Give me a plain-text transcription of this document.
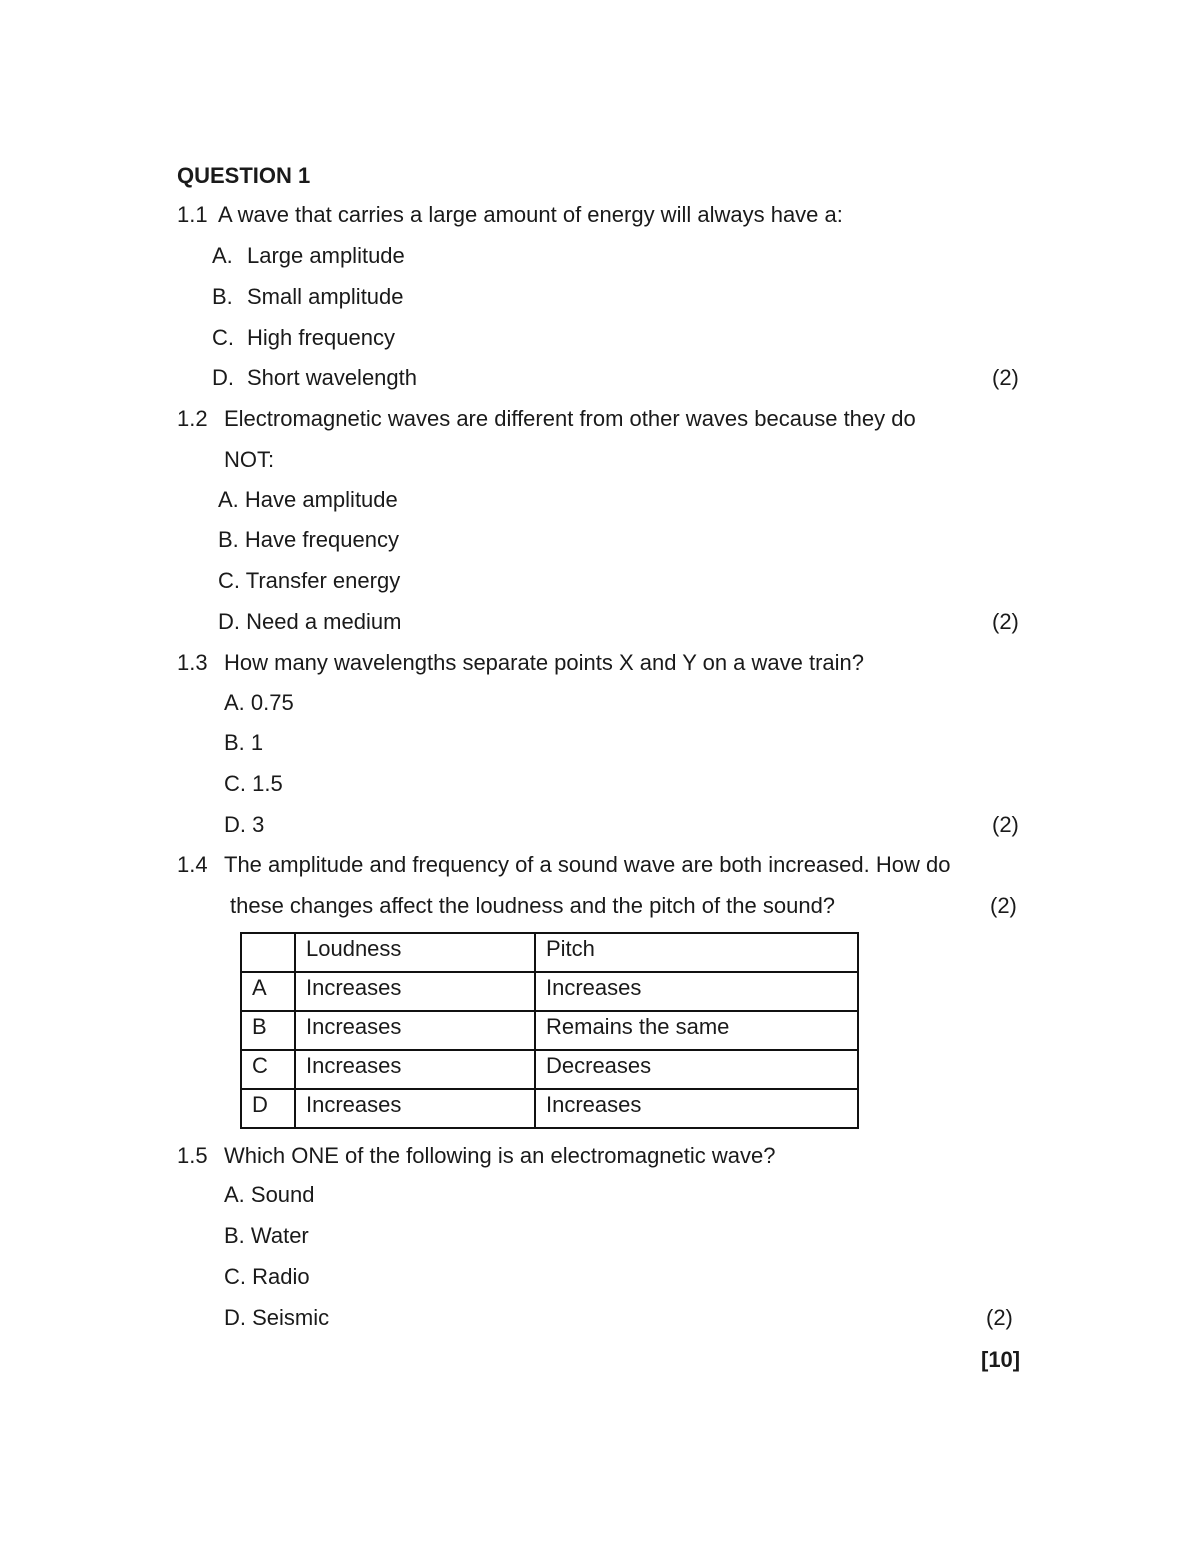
QUESTION 1
1.1 A wave that carries a large amount of energy will always have a:
A. Large amplitude
B. Small amplitude
C. High frequency
D. Short wavelength	(2)
1.2 Electromagnetic waves are different from other waves because they do
NOT:
A. Have amplitude
B. Have frequency
C. Transfer energy
D. Need a medium	(2)
1.3 How many wavelengths separate points X and Y on a wave train?
A. 0.75
B. 1
C. 1.5
D. 3	(2)
1.4 The amplitude and frequency of a sound wave are both increased. How do
these changes affect the loudness and the pitch of the sound?	(2)
	Loudness	Pitch
A	Increases	Increases
B	Increases	Remains the same
C	Increases	Decreases
D	Increases	Increases
1.5 Which ONE of the following is an electromagnetic wave?
A. Sound
B. Water
C. Radio
D. Seismic	(2)
[10]
